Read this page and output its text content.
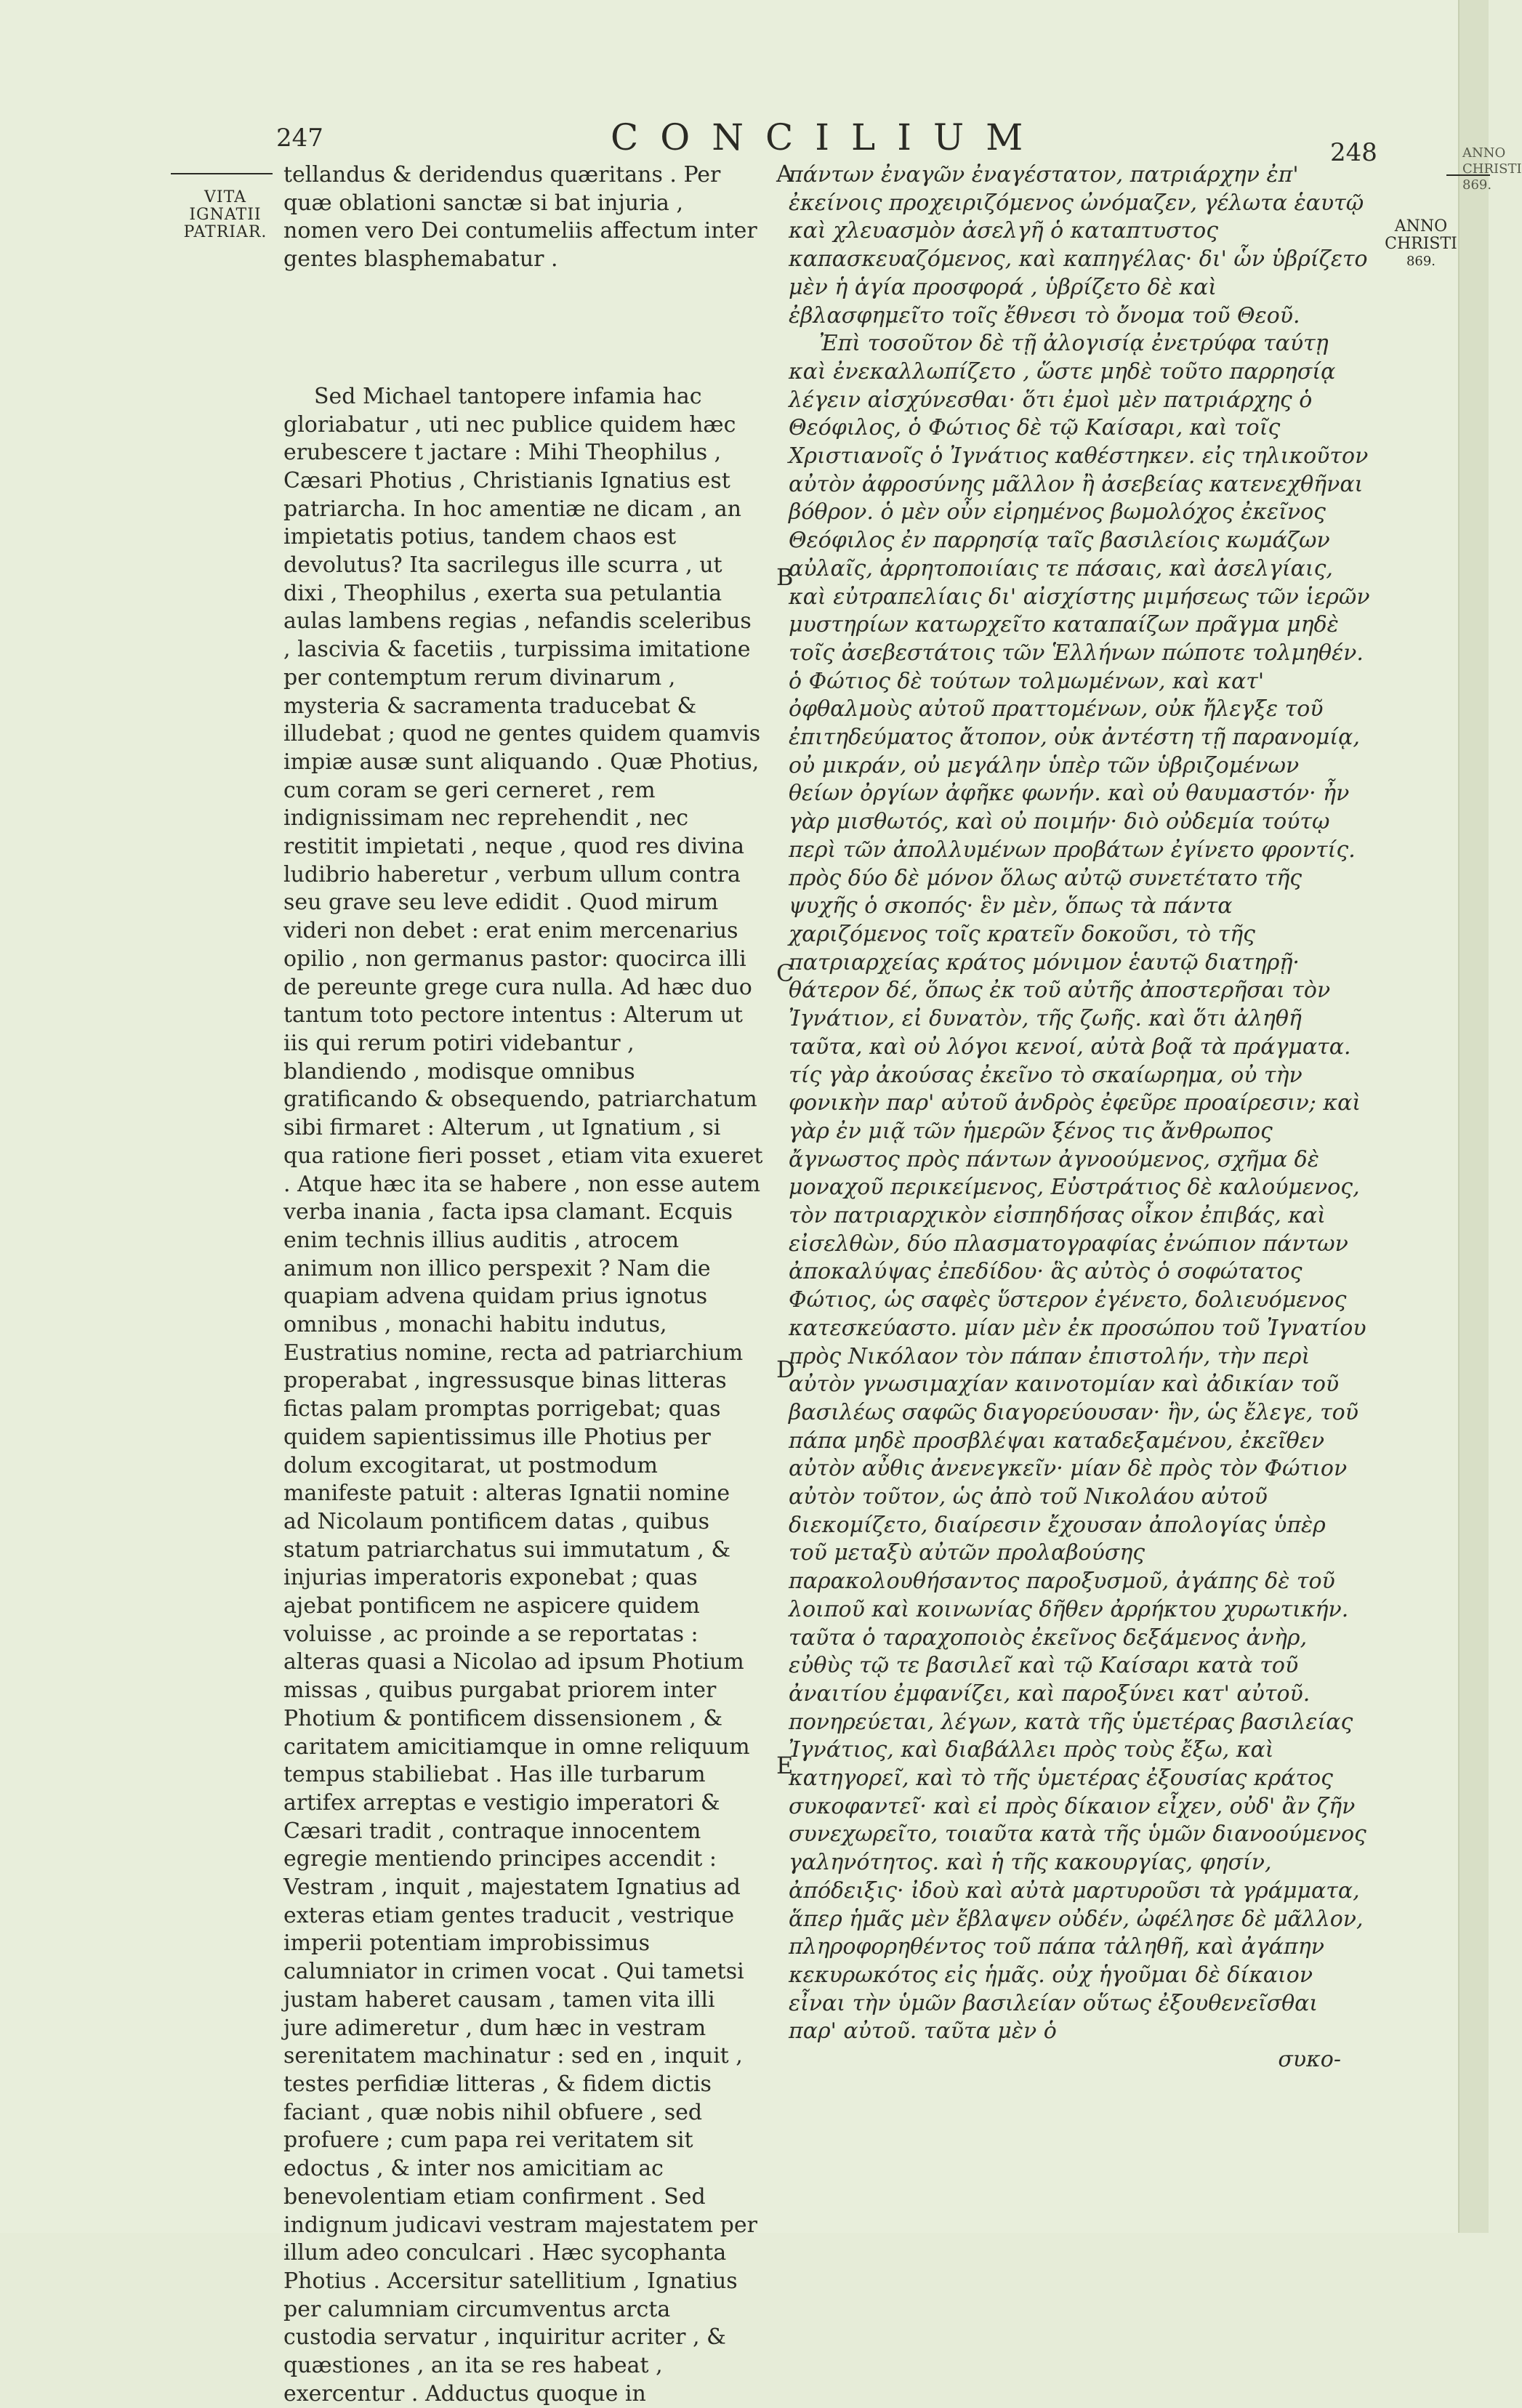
ANNO CHRISTI 869.
247	CONCILIUM	248
VITA
IGNATII
PATRIAR.	ANNO
CHRISTI
869.

tellandus & deridendus quæritans . Per quæ oblationi sanctæ si bat injuria , nomen vero Dei contumeliis affectum inter gentes blasphemabatur .

Sed Michael tantopere infamia hac gloriabatur , uti nec publice quidem hæc erubescere t jactare : Mihi Theophilus , Cæsari Photius , Christianis Ignatius est patriarcha. In hoc amentiæ ne dicam , an impietatis potius, tandem chaos est devolutus? Ita sacrilegus ille scurra , ut dixi , Theophilus , exerta sua petulantia aulas lambens regias , nefandis sceleribus , lascivia & facetiis , turpissima imitatione per contemptum rerum divinarum , mysteria & sacramenta traducebat & illudebat ; quod ne gentes quidem quamvis impiæ ausæ sunt aliquando . Quæ Photius, cum coram se geri cerneret , rem indignissimam nec reprehendit , nec restitit impietati , neque , quod res divina ludibrio haberetur , verbum ullum contra seu grave seu leve edidit . Quod mirum videri non debet : erat enim mercenarius opilio , non germanus pastor: quocirca illi de pereunte grege cura nulla. Ad hæc duo tantum toto pectore intentus : Alterum ut iis qui rerum potiri videbantur , blandiendo , modisque omnibus gratificando & obsequendo, patriarchatum sibi firmaret : Alterum , ut Ignatium , si qua ratione fieri posset , etiam vita exueret . Atque hæc ita se habere , non esse autem verba inania , facta ipsa clamant. Ecquis enim technis illius auditis , atrocem animum non illico perspexit ? Nam die quapiam advena quidam prius ignotus omnibus , monachi habitu indutus, Eustratius nomine, recta ad patriarchium properabat , ingressusque binas litteras fictas palam promptas porrigebat; quas quidem sapientissimus ille Photius per dolum excogitarat, ut postmodum manifeste patuit : alteras Ignatii nomine ad Nicolaum pontificem datas , quibus statum patriarchatus sui immutatum , & injurias imperatoris exponebat ; quas ajebat pontificem ne aspicere quidem voluisse , ac proinde a se reportatas : alteras quasi a Nicolao ad ipsum Photium missas , quibus purgabat priorem inter Photium & pontificem dissensionem , & caritatem amicitiamque in omne reliquum tempus stabiliebat . Has ille turbarum artifex arreptas e vestigio imperatori & Cæsari tradit , contraque innocentem egregie mentiendo principes accendit : Vestram , inquit , majestatem Ignatius ad exteras etiam gentes traducit , vestrique imperii potentiam improbissimus calumniator in crimen vocat . Qui tametsi justam haberet causam , tamen vita illi jure adimeretur , dum hæc in vestram serenitatem machinatur : sed en , inquit , testes perfidiæ litteras , & fidem dictis faciant , quæ nobis nihil obfuere , sed profuere ; cum papa rei veritatem sit edoctus , & inter nos amicitiam ac benevolentiam etiam confirment . Sed indignum judicavi vestram majestatem per illum adeo conculcari . Hæc sycophanta Photius . Accersitur satellitium , Ignatius per calumniam circumventus arcta custodia servatur , inquiritur acriter , & quæstiones , an ita se res habeat , exercentur . Adductus quoque in

A
B
C
D
E

πάντων ἐναγῶν ἐναγέστατον, πατριάρχην ἐπ' ἐκείνοις προχειριζόμενος ὠνόμαζεν, γέλωτα ἑαυτῷ καὶ χλευασμὸν ἀσελγῆ ὁ καταπτυστος καπασκευαζόμενος, καὶ καπηγέλας· δι' ὧν ὑβρίζετο μὲν ἡ ἁγία προσφορά , ὑβρίζετο δὲ καὶ ἐβλασφημεῖτο τοῖς ἔθνεσι τὸ ὄνομα τοῦ Θεοῦ.

Ἐπὶ τοσοῦτον δὲ τῇ ἀλογισίᾳ ἐνετρύφα ταύτῃ καὶ ἐνεκαλλωπίζετο , ὥστε μηδὲ τοῦτο παρρησίᾳ λέγειν αἰσχύνεσθαι· ὅτι ἐμοὶ μὲν πατριάρχης ὁ Θεόφιλος, ὁ Φώτιος δὲ τῷ Καίσαρι, καὶ τοῖς Χριστιανοῖς ὁ Ἰγνάτιος καθέστηκεν. εἰς τηλικοῦτον αὐτὸν ἀφροσύνης μᾶλλον ἢ ἀσεβείας κατενεχθῆναι βόθρον. ὁ μὲν οὖν εἰρημένος βωμολόχος ἐκεῖνος Θεόφιλος ἐν παρρησίᾳ ταῖς βασιλείοις κωμάζων αὐλαῖς, ἀρρητοποιίαις τε πάσαις, καὶ ἀσελγίαις, καὶ εὐτραπελίαις δι' αἰσχίστης μιμήσεως τῶν ἱερῶν μυστηρίων κατωρχεῖτο καταπαίζων πρᾶγμα μηδὲ τοῖς ἀσεβεστάτοις τῶν Ἑλλήνων πώποτε τολμηθέν. ὁ Φώτιος δὲ τούτων τολμωμένων, καὶ κατ' ὀφθαλμοὺς αὐτοῦ πραττομένων, οὐκ ἤλεγξε τοῦ ἐπιτηδεύματος ἄτοπον, οὐκ ἀντέστη τῇ παρανομίᾳ, οὐ μικράν, οὐ μεγάλην ὑπὲρ τῶν ὑβριζομένων θείων ὀργίων ἀφῆκε φωνήν. καὶ οὐ θαυμαστόν· ἦν γὰρ μισθωτός, καὶ οὐ ποιμήν· διὸ οὐδεμία τούτῳ περὶ τῶν ἀπολλυμένων προβάτων ἐγίνετο φροντίς. πρὸς δύο δὲ μόνον ὅλως αὐτῷ συνετέτατο τῆς ψυχῆς ὁ σκοπός· ἓν μὲν, ὅπως τὰ πάντα χαριζόμενος τοῖς κρατεῖν δοκοῦσι, τὸ τῆς πατριαρχείας κράτος μόνιμον ἑαυτῷ διατηρῇ· θάτερον δέ, ὅπως ἐκ τοῦ αὐτῆς ἀποστερῆσαι τὸν Ἰγνάτιον, εἰ δυνατὸν, τῆς ζωῆς. καὶ ὅτι ἀληθῆ ταῦτα, καὶ οὐ λόγοι κενοί, αὐτὰ βοᾷ τὰ πράγματα. τίς γὰρ ἀκούσας ἐκεῖνο τὸ σκαίωρημα, οὐ τὴν φονικὴν παρ' αὐτοῦ ἀνδρὸς ἐφεῦρε προαίρεσιν; καὶ γὰρ ἐν μιᾷ τῶν ἡμερῶν ξένος τις ἄνθρωπος ἄγνωστος πρὸς πάντων ἀγνοούμενος, σχῆμα δὲ μοναχοῦ περικείμενος, Εὐστράτιος δὲ καλούμενος, τὸν πατριαρχικὸν εἰσπηδήσας οἶκον ἐπιβάς, καὶ εἰσελθὼν, δύο πλασματογραφίας ἐνώπιον πάντων ἀποκαλύψας ἐπεδίδου· ἃς αὐτὸς ὁ σοφώτατος Φώτιος, ὡς σαφὲς ὕστερον ἐγένετο, δολιευόμενος κατεσκεύαστο. μίαν μὲν ἐκ προσώπου τοῦ Ἰγνατίου πρὸς Νικόλαον τὸν πάπαν ἐπιστολήν, τὴν περὶ αὐτὸν γνωσιμαχίαν καινοτομίαν καὶ ἀδικίαν τοῦ βασιλέως σαφῶς διαγορεύουσαν· ἣν, ὡς ἔλεγε, τοῦ πάπα μηδὲ προσβλέψαι καταδεξαμένου, ἐκεῖθεν αὐτὸν αὖθις ἀνενεγκεῖν· μίαν δὲ πρὸς τὸν Φώτιον αὐτὸν τοῦτον, ὡς ἀπὸ τοῦ Νικολάου αὐτοῦ διεκομίζετο, διαίρεσιν ἔχουσαν ἀπολογίας ὑπὲρ τοῦ μεταξὺ αὐτῶν προλαβούσης παρακολουθήσαντος παροξυσμοῦ, ἀγάπης δὲ τοῦ λοιποῦ καὶ κοινωνίας δῆθεν ἀρρήκτου χυρωτικήν. ταῦτα ὁ ταραχοποιὸς ἐκεῖνος δεξάμενος ἀνὴρ, εὐθὺς τῷ τε βασιλεῖ καὶ τῷ Καίσαρι κατὰ τοῦ ἀναιτίου ἐμφανίζει, καὶ παροξύνει κατ' αὐτοῦ. πονηρεύεται, λέγων, κατὰ τῆς ὑμετέρας βασιλείας Ἰγνάτιος, καὶ διαβάλλει πρὸς τοὺς ἔξω, καὶ κατηγορεῖ, καὶ τὸ τῆς ὑμετέρας ἐξουσίας κράτος συκοφαντεῖ· καὶ εἰ πρὸς δίκαιον εἶχεν, οὐδ' ἂν ζῆν συνεχωρεῖτο, τοιαῦτα κατὰ τῆς ὑμῶν διανοούμενος γαληνότητος. καὶ ἡ τῆς κακουργίας, φησίν, ἀπόδειξις· ἰδοὺ καὶ αὐτὰ μαρτυροῦσι τὰ γράμματα, ἅπερ ἡμᾶς μὲν ἔβλαψεν οὐδέν, ὠφέλησε δὲ μᾶλλον, πληροφορηθέντος τοῦ πάπα τἀληθῆ, καὶ ἀγάπην κεκυρωκότος εἰς ἡμᾶς. οὐχ ἡγοῦμαι δὲ δίκαιον εἶναι τὴν ὑμῶν βασιλείαν οὕτως ἐξουθενεῖσθαι παρ' αὐτοῦ. ταῦτα μὲν ὁ

συκο-
